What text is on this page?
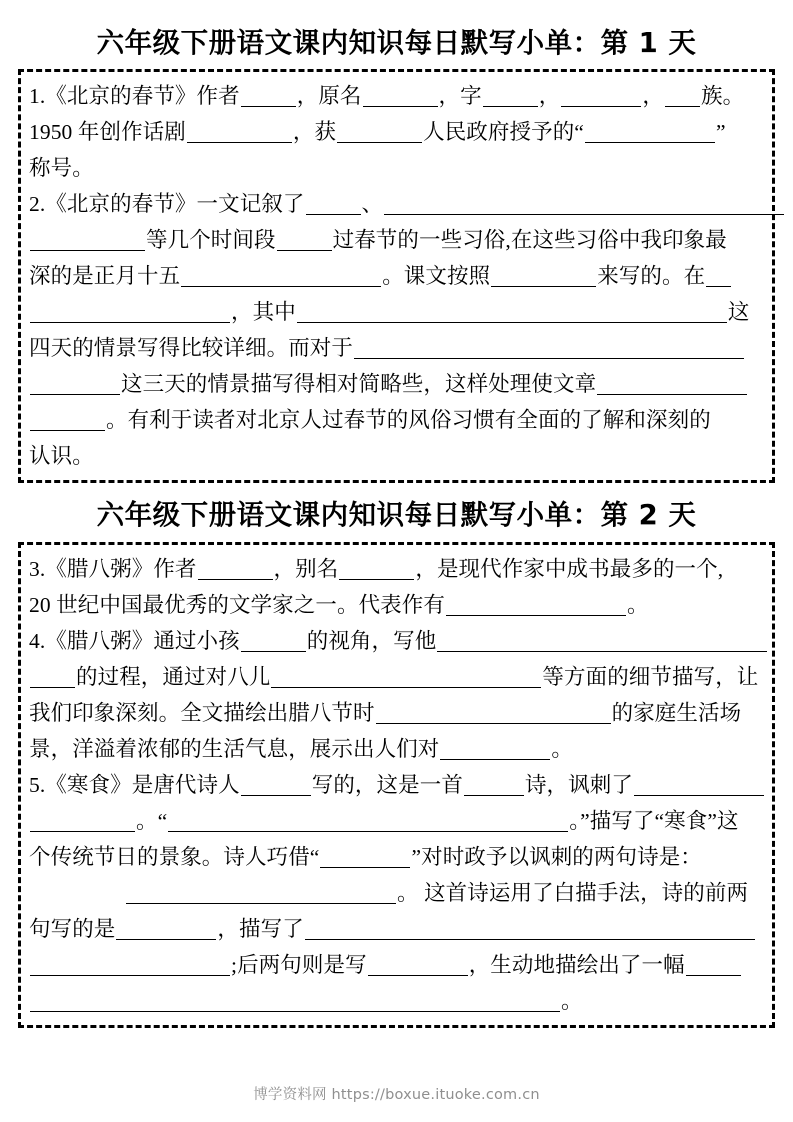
六年级下册语文课内知识每日默写小单：第 1 天
1.《北京的春节》作者	，原名	，字	，	， 族。
1950 年创作话剧	，获	人民政府授予的“	”
称号。
2.《北京的春节》一文记叙了	、
等几个时间段	过春节的一些习俗,在这些习俗中我印象最
深的是正月十五	。课文按照	来写的。在
，其中	这
四天的情景写得比较详细。而对于
这三天的情景描写得相对简略些，这样处理使文章
。有利于读者对北京人过春节的风俗习惯有全面的了解和深刻的
认识。
六年级下册语文课内知识每日默写小单：第 2 天
3.《腊八粥》作者	，别名	，是现代作家中成书最多的一个,
20 世纪中国最优秀的文学家之一。代表作有	。
4.《腊八粥》通过小孩	的视角，写他
的过程，通过对八儿	等方面的细节描写，让
我们印象深刻。全文描绘出腊八节时	的家庭生活场
景，洋溢着浓郁的生活气息，展示出人们对	。
5.《寒食》是唐代诗人	写的，这是一首	诗，讽刺了
。“	。”描写了“寒食”这
个传统节日的景象。诗人巧借“	”对时政予以讽刺的两句诗是：
。 这首诗运用了白描手法，诗的前两
句写的是	，描写了
;后两句则是写	，生动地描绘出了一幅
。
博学资料网 https://boxue.ituoke.com.cn
